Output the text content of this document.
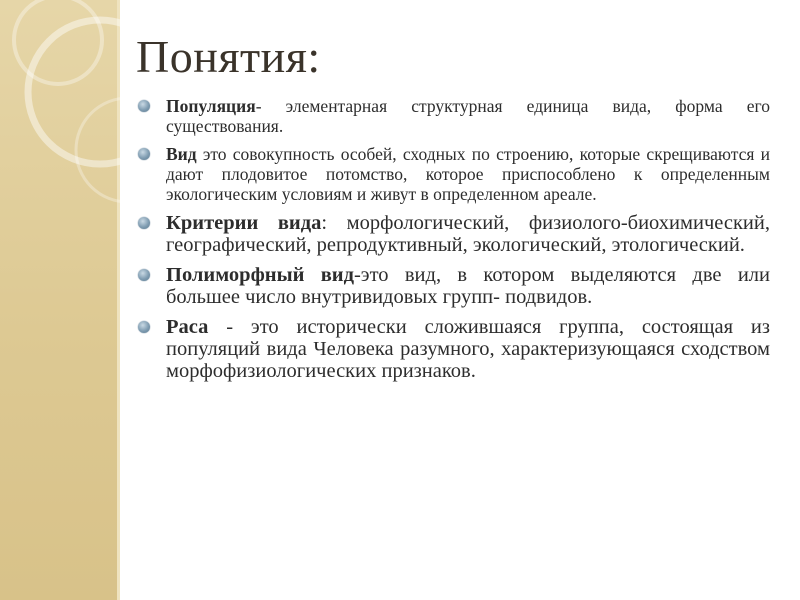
Понятия:
Популяция- элементарная структурная единица вида, форма его существования.
Вид это совокупность особей, сходных по строению, которые скрещиваются и дают плодовитое потомство, которое приспособлено к определенным экологическим условиям и живут в определенном ареале.
Критерии вида: морфологический, физиолого-биохимический, географический, репродуктивный, экологический, этологический.
Полиморфный вид-это вид, в котором выделяются две или большее число внутривидовых групп- подвидов.
Раса - это исторически сложившаяся группа, состоящая из популяций вида Человека разумного, характеризующаяся сходством морфофизиологических признаков.
